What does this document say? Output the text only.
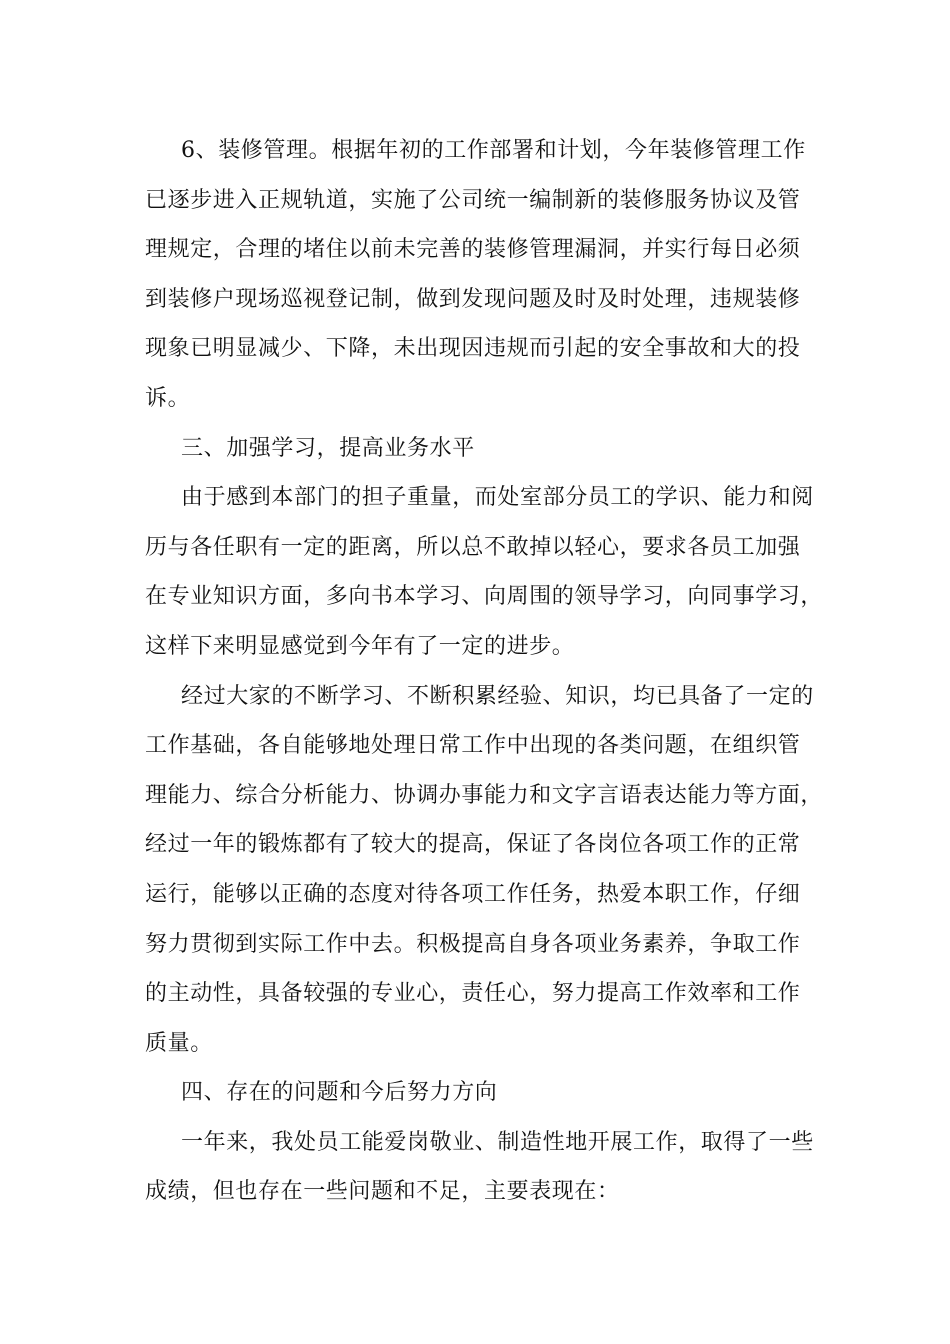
6、装修管理。根据年初的工作部署和计划，今年装修管理工作
已逐步进入正规轨道，实施了公司统一编制新的装修服务协议及管
理规定，合理的堵住以前未完善的装修管理漏洞，并实行每日必须
到装修户现场巡视登记制，做到发现问题及时及时处理，违规装修
现象已明显减少、下降，未出现因违规而引起的安全事故和大的投
诉。
三、加强学习，提高业务水平
由于感到本部门的担子重量，而处室部分员工的学识、能力和阅
历与各任职有一定的距离，所以总不敢掉以轻心，要求各员工加强
在专业知识方面，多向书本学习、向周围的领导学习，向同事学习，
这样下来明显感觉到今年有了一定的进步。
经过大家的不断学习、不断积累经验、知识，均已具备了一定的
工作基础，各自能够地处理日常工作中出现的各类问题，在组织管
理能力、综合分析能力、协调办事能力和文字言语表达能力等方面，
经过一年的锻炼都有了较大的提高，保证了各岗位各项工作的正常
运行，能够以正确的态度对待各项工作任务，热爱本职工作，仔细
努力贯彻到实际工作中去。积极提高自身各项业务素养，争取工作
的主动性，具备较强的专业心，责任心，努力提高工作效率和工作
质量。
四、存在的问题和今后努力方向
一年来，我处员工能爱岗敬业、制造性地开展工作，取得了一些
成绩，但也存在一些问题和不足，主要表现在：
